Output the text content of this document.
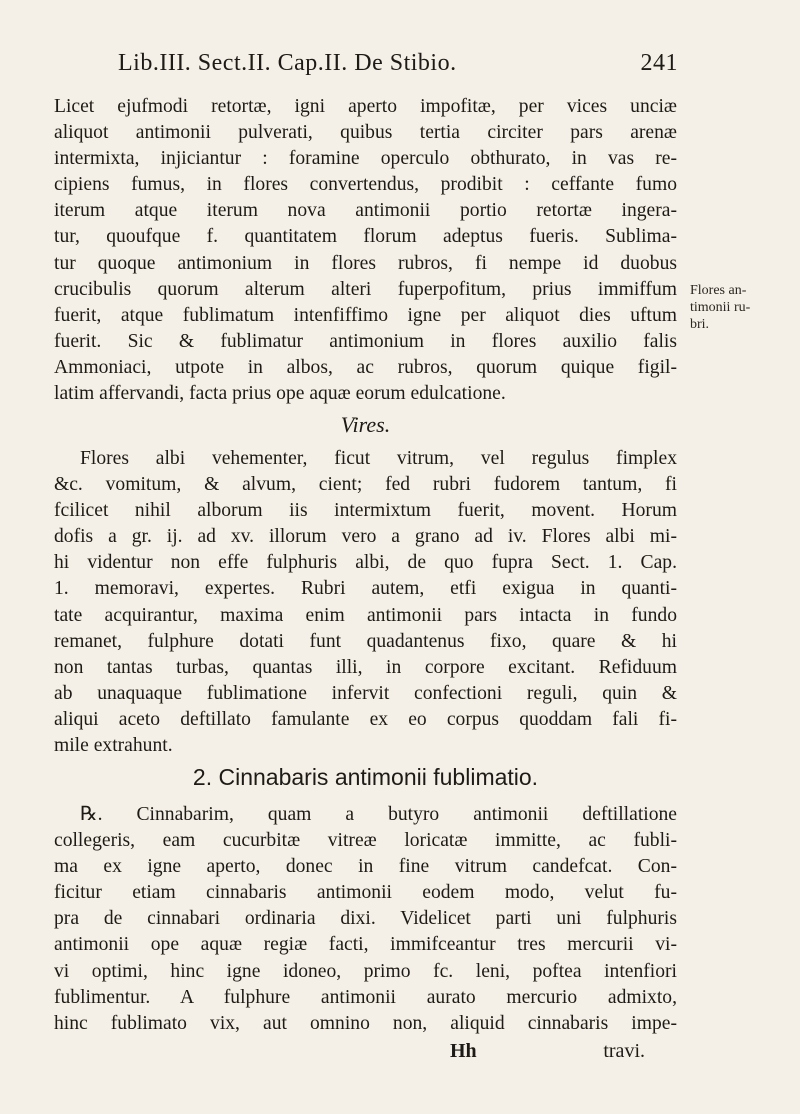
Lib.III. Sect.II. Cap.II. De Stibio.	241
Flores an-
timonii ru-
bri.
Licet ejufmodi retortæ, igni aperto impofitæ, per vices unciæ
aliquot antimonii pulverati, quibus tertia circiter pars arenæ
intermixta, injiciantur : foramine operculo obthurato, in vas re-
cipiens fumus, in flores convertendus, prodibit : ceffante fumo
iterum atque iterum nova antimonii portio retortæ ingera-
tur, quoufque f. quantitatem florum adeptus fueris. Sublima-
tur quoque antimonium in flores rubros, fi nempe id duobus
crucibulis quorum alterum alteri fuperpofitum, prius immiffum
fuerit, atque fublimatum intenfiffimo igne per aliquot dies uftum
fuerit. Sic & fublimatur antimonium in flores auxilio falis
Ammoniaci, utpote in albos, ac rubros, quorum quique figil-
latim affervandi, facta prius ope aquæ eorum edulcatione.
Vires.
Flores albi vehementer, ficut vitrum, vel regulus fimplex
&c. vomitum, & alvum, cient; fed rubri fudorem tantum, fi
fcilicet nihil alborum iis intermixtum fuerit, movent. Horum
dofis a gr. ij. ad xv. illorum vero a grano ad iv. Flores albi mi-
hi videntur non effe fulphuris albi, de quo fupra Sect. 1. Cap.
1. memoravi, expertes. Rubri autem, etfi exigua in quanti-
tate acquirantur, maxima enim antimonii pars intacta in fundo
remanet, fulphure dotati funt quadantenus fixo, quare & hi
non tantas turbas, quantas illi, in corpore excitant. Refiduum
ab unaquaque fublimatione infervit confectioni reguli, quin &
aliqui aceto deftillato famulante ex eo corpus quoddam fali fi-
mile extrahunt.
2. Cinnabaris antimonii fublimatio.
℞. Cinnabarim, quam a butyro antimonii deftillatione
collegeris, eam cucurbitæ vitreæ loricatæ immitte, ac fubli-
ma ex igne aperto, donec in fine vitrum candefcat. Con-
ficitur etiam cinnabaris antimonii eodem modo, velut fu-
pra de cinnabari ordinaria dixi. Videlicet parti uni fulphuris
antimonii ope aquæ regiæ facti, immifceantur tres mercurii vi-
vi optimi, hinc igne idoneo, primo fc. leni, poftea intenfiori
fublimentur. A fulphure antimonii aurato mercurio admixto,
hinc fublimato vix, aut omnino non, aliquid cinnabaris impe-
Hh	travi.
